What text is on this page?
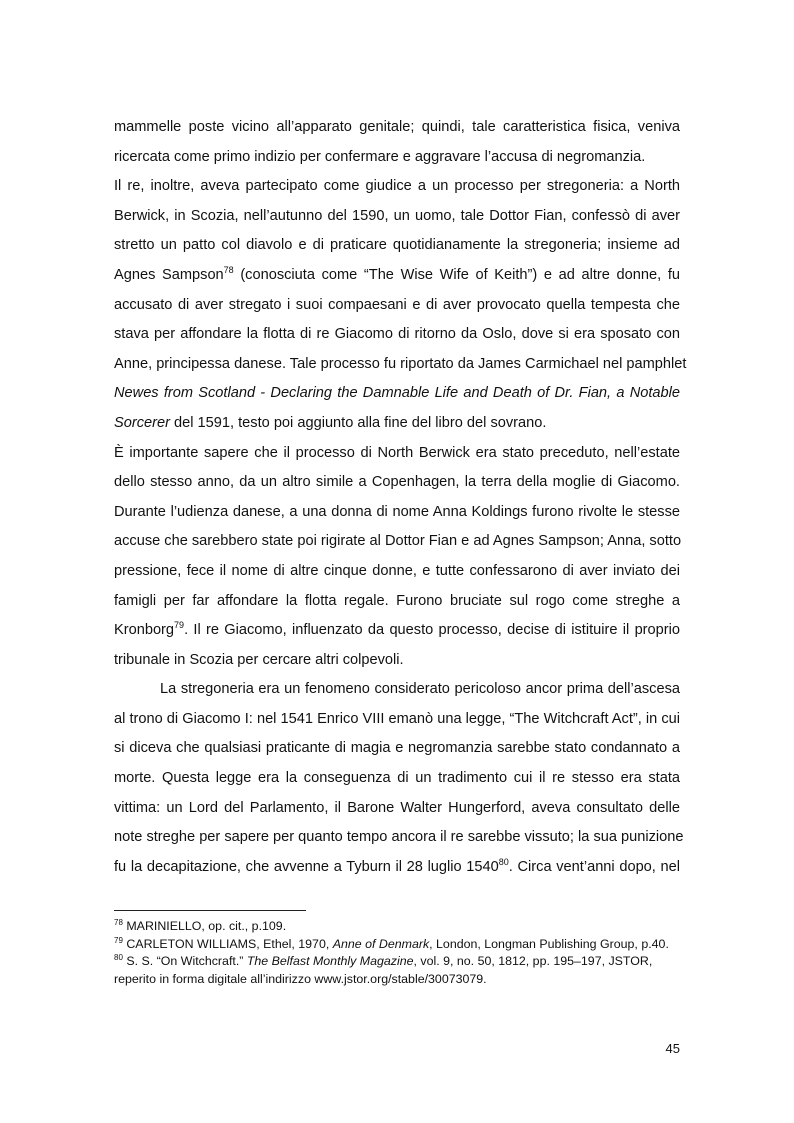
mammelle poste vicino all’apparato genitale; quindi, tale caratteristica fisica, veniva
ricercata come primo indizio per confermare e aggravare l’accusa di negromanzia.

Il re, inoltre, aveva partecipato come giudice a un processo per stregoneria: a North
Berwick, in Scozia, nell’autunno del 1590, un uomo, tale Dottor Fian, confessò di aver
stretto un patto col diavolo e di praticare quotidianamente la stregoneria; insieme ad
Agnes Sampson$^{78}$ (conosciuta come “The Wise Wife of Keith”) e ad altre donne, fu
accusato di aver stregato i suoi compaesani e di aver provocato quella tempesta che
stava per affondare la flotta di re Giacomo di ritorno da Oslo, dove si era sposato con
Anne, principessa danese. Tale processo fu riportato da James Carmichael nel pamphlet
Newes from Scotland - Declaring the Damnable Life and Death of Dr. Fian, a Notable
Sorcerer del 1591, testo poi aggiunto alla fine del libro del sovrano.

È importante sapere che il processo di North Berwick era stato preceduto, nell’estate
dello stesso anno, da un altro simile a Copenhagen, la terra della moglie di Giacomo.
Durante l’udienza danese, a una donna di nome Anna Koldings furono rivolte le stesse
accuse che sarebbero state poi rigirate al Dottor Fian e ad Agnes Sampson; Anna, sotto
pressione, fece il nome di altre cinque donne, e tutte confessarono di aver inviato dei
famigli per far affondare la flotta regale. Furono bruciate sul rogo come streghe a
Kronborg$^{79}$. Il re Giacomo, influenzato da questo processo, decise di istituire il proprio
tribunale in Scozia per cercare altri colpevoli.

La stregoneria era un fenomeno considerato pericoloso ancor prima dell’ascesa
al trono di Giacomo I: nel 1541 Enrico VIII emanò una legge, “The Witchcraft Act”, in cui
si diceva che qualsiasi praticante di magia e negromanzia sarebbe stato condannato a
morte. Questa legge era la conseguenza di un tradimento cui il re stesso era stata
vittima: un Lord del Parlamento, il Barone Walter Hungerford, aveva consultato delle
note streghe per sapere per quanto tempo ancora il re sarebbe vissuto; la sua punizione
fu la decapitazione, che avvenne a Tyburn il 28 luglio 1540$^{80}$. Circa vent’anni dopo, nel

$^{78}$ MARINIELLO, op. cit., p.109.

$^{79}$ CARLETON WILLIAMS, Ethel, 1970, Anne of Denmark, London, Longman Publishing Group, p.40.

$^{80}$ S. S. “On Witchcraft.” The Belfast Monthly Magazine, vol. 9, no. 50, 1812, pp. 195–197, JSTOR, reperito in forma digitale all’indirizzo www.jstor.org/stable/30073079.

45
